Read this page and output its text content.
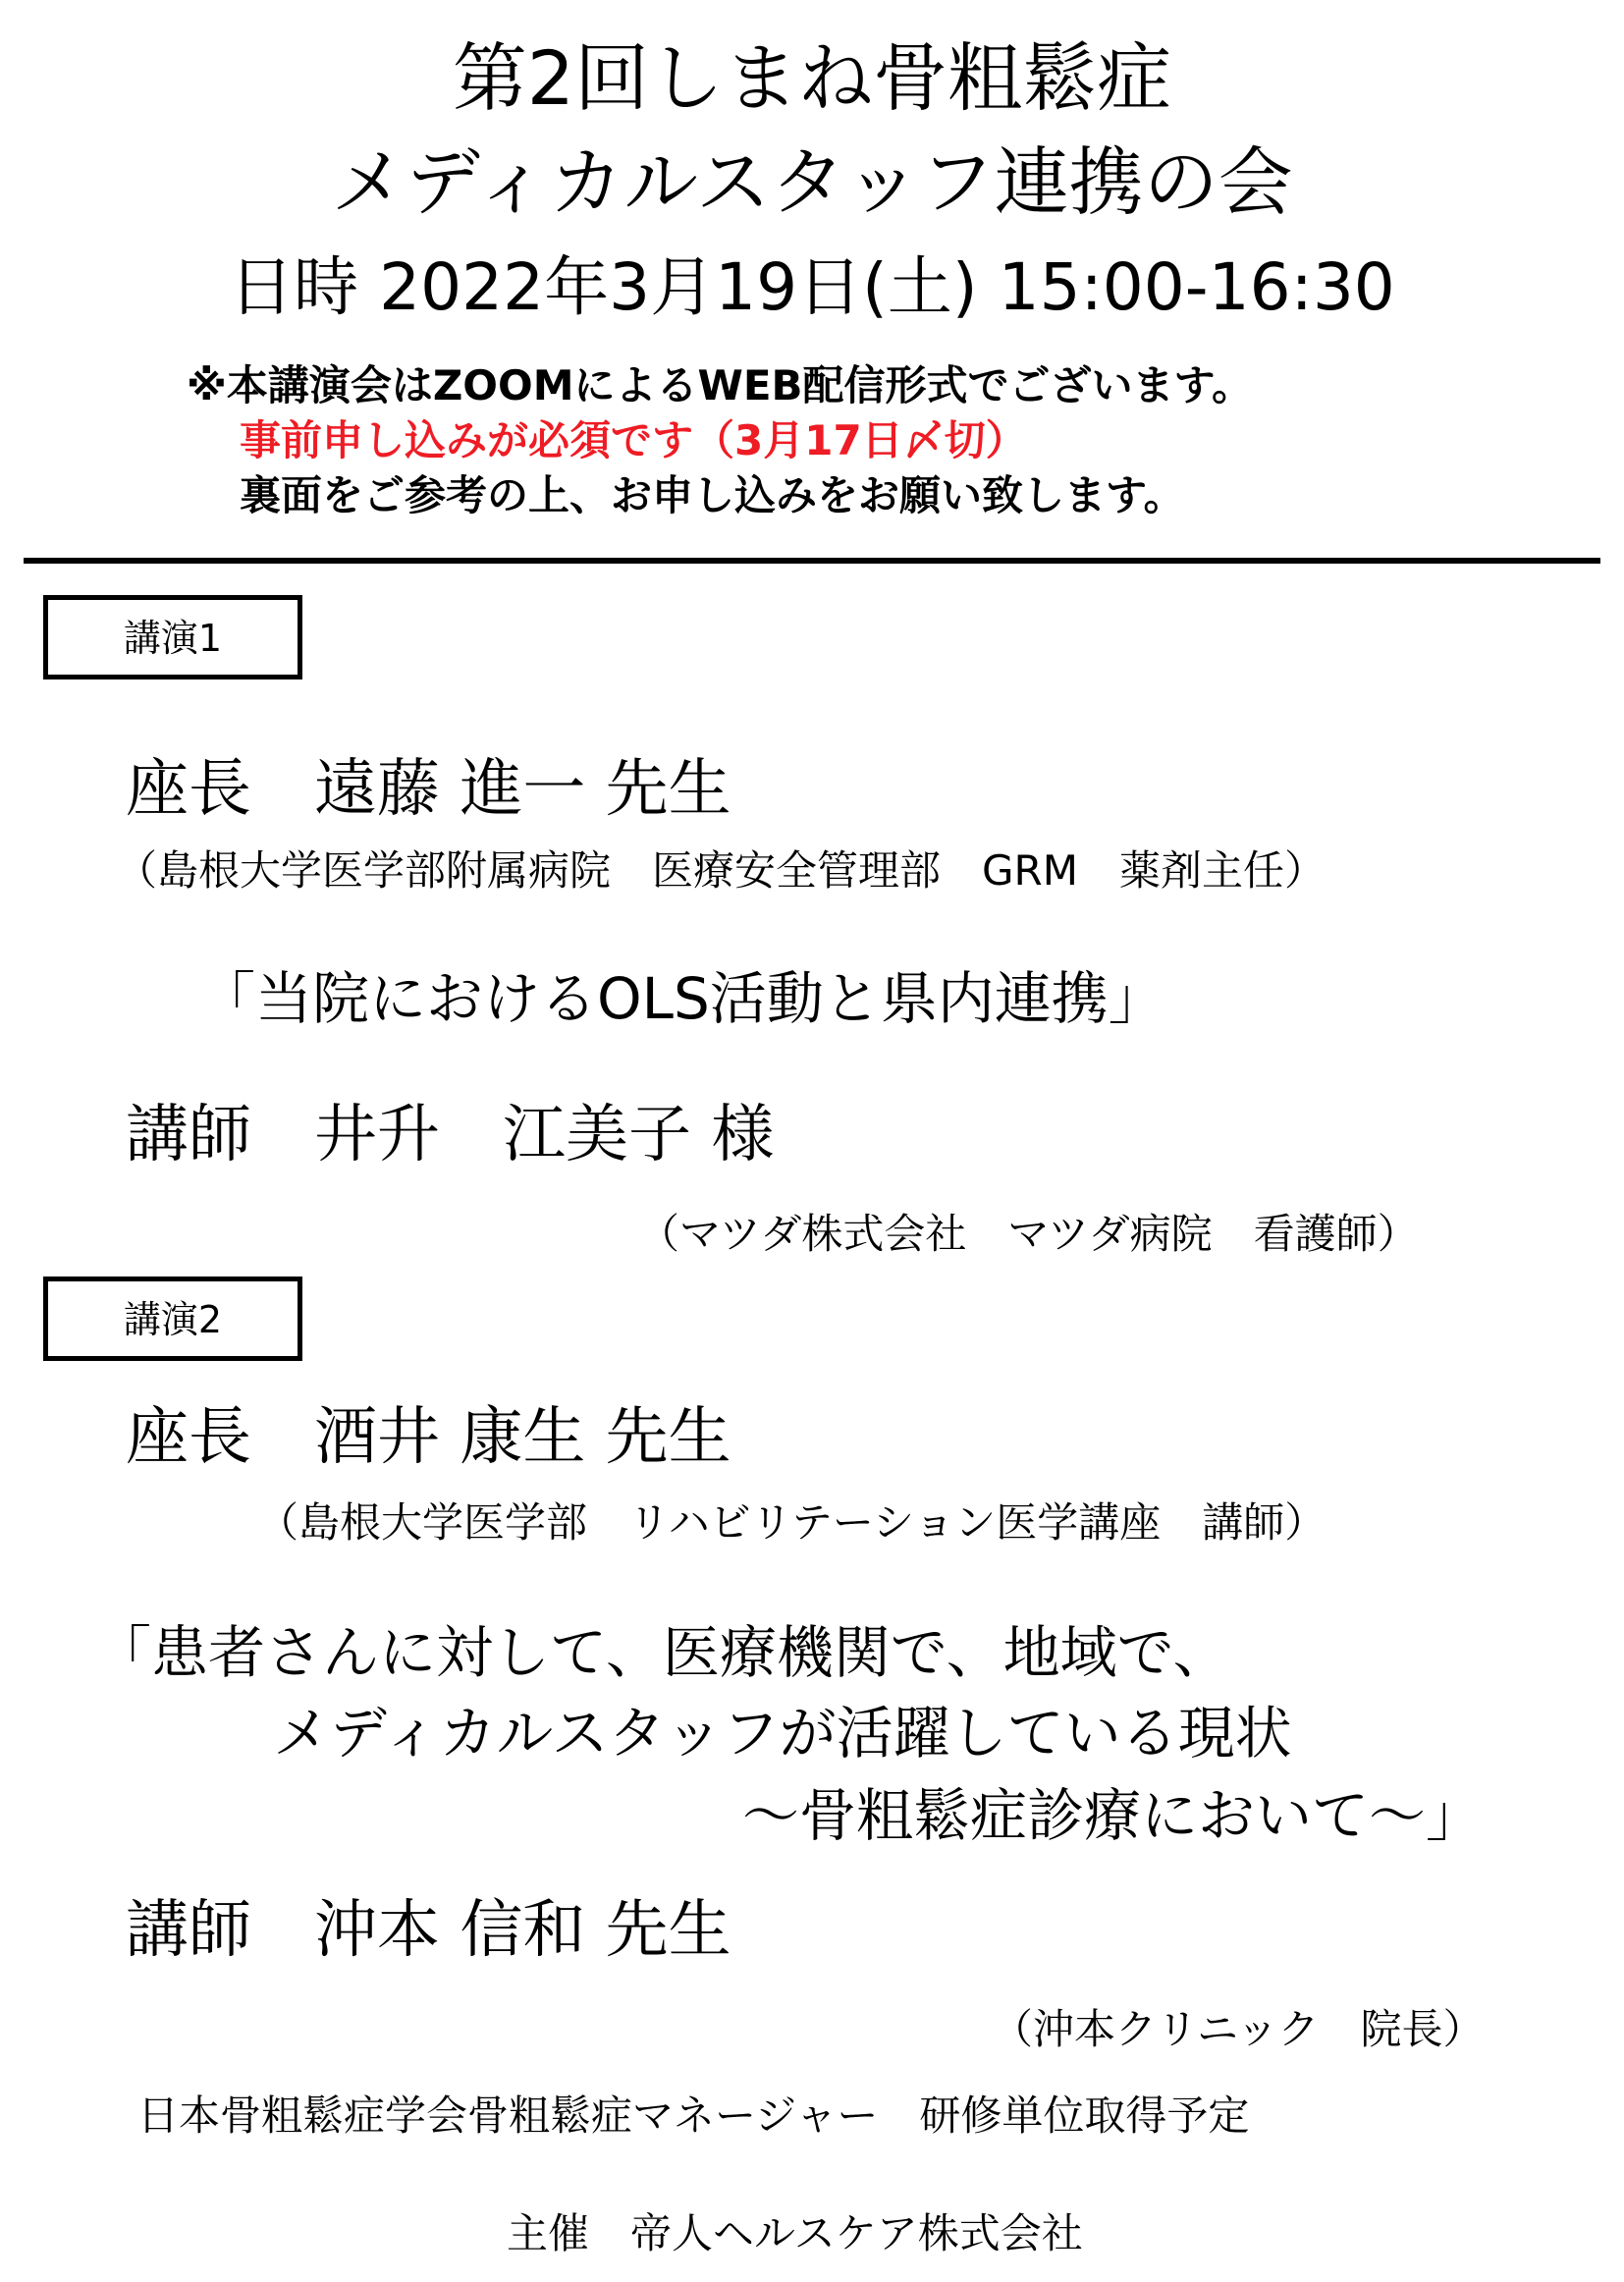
第2回しまね骨粗鬆症
メディカルスタッフ連携の会
日時 2022年3月19日(土) 15:00-16:30
※本講演会はZOOMによるWEB配信形式でございます。
事前申し込みが必須です（3月17日〆切）
裏面をご参考の上、お申し込みをお願い致します。
講演1
座長　遠藤 進一 先生
（島根大学医学部附属病院　医療安全管理部　GRM　薬剤主任）
「当院におけるOLS活動と県内連携」
講師　井升　江美子 様
（マツダ株式会社　マツダ病院　看護師）
講演2
座長　酒井 康生 先生
（島根大学医学部　リハビリテーション医学講座　講師）
「患者さんに対して、医療機関で、地域で、
メディカルスタッフが活躍している現状
～骨粗鬆症診療において～」
講師　沖本 信和 先生
（沖本クリニック　院長）
日本骨粗鬆症学会骨粗鬆症マネージャー　研修単位取得予定
主催　帝人ヘルスケア株式会社
